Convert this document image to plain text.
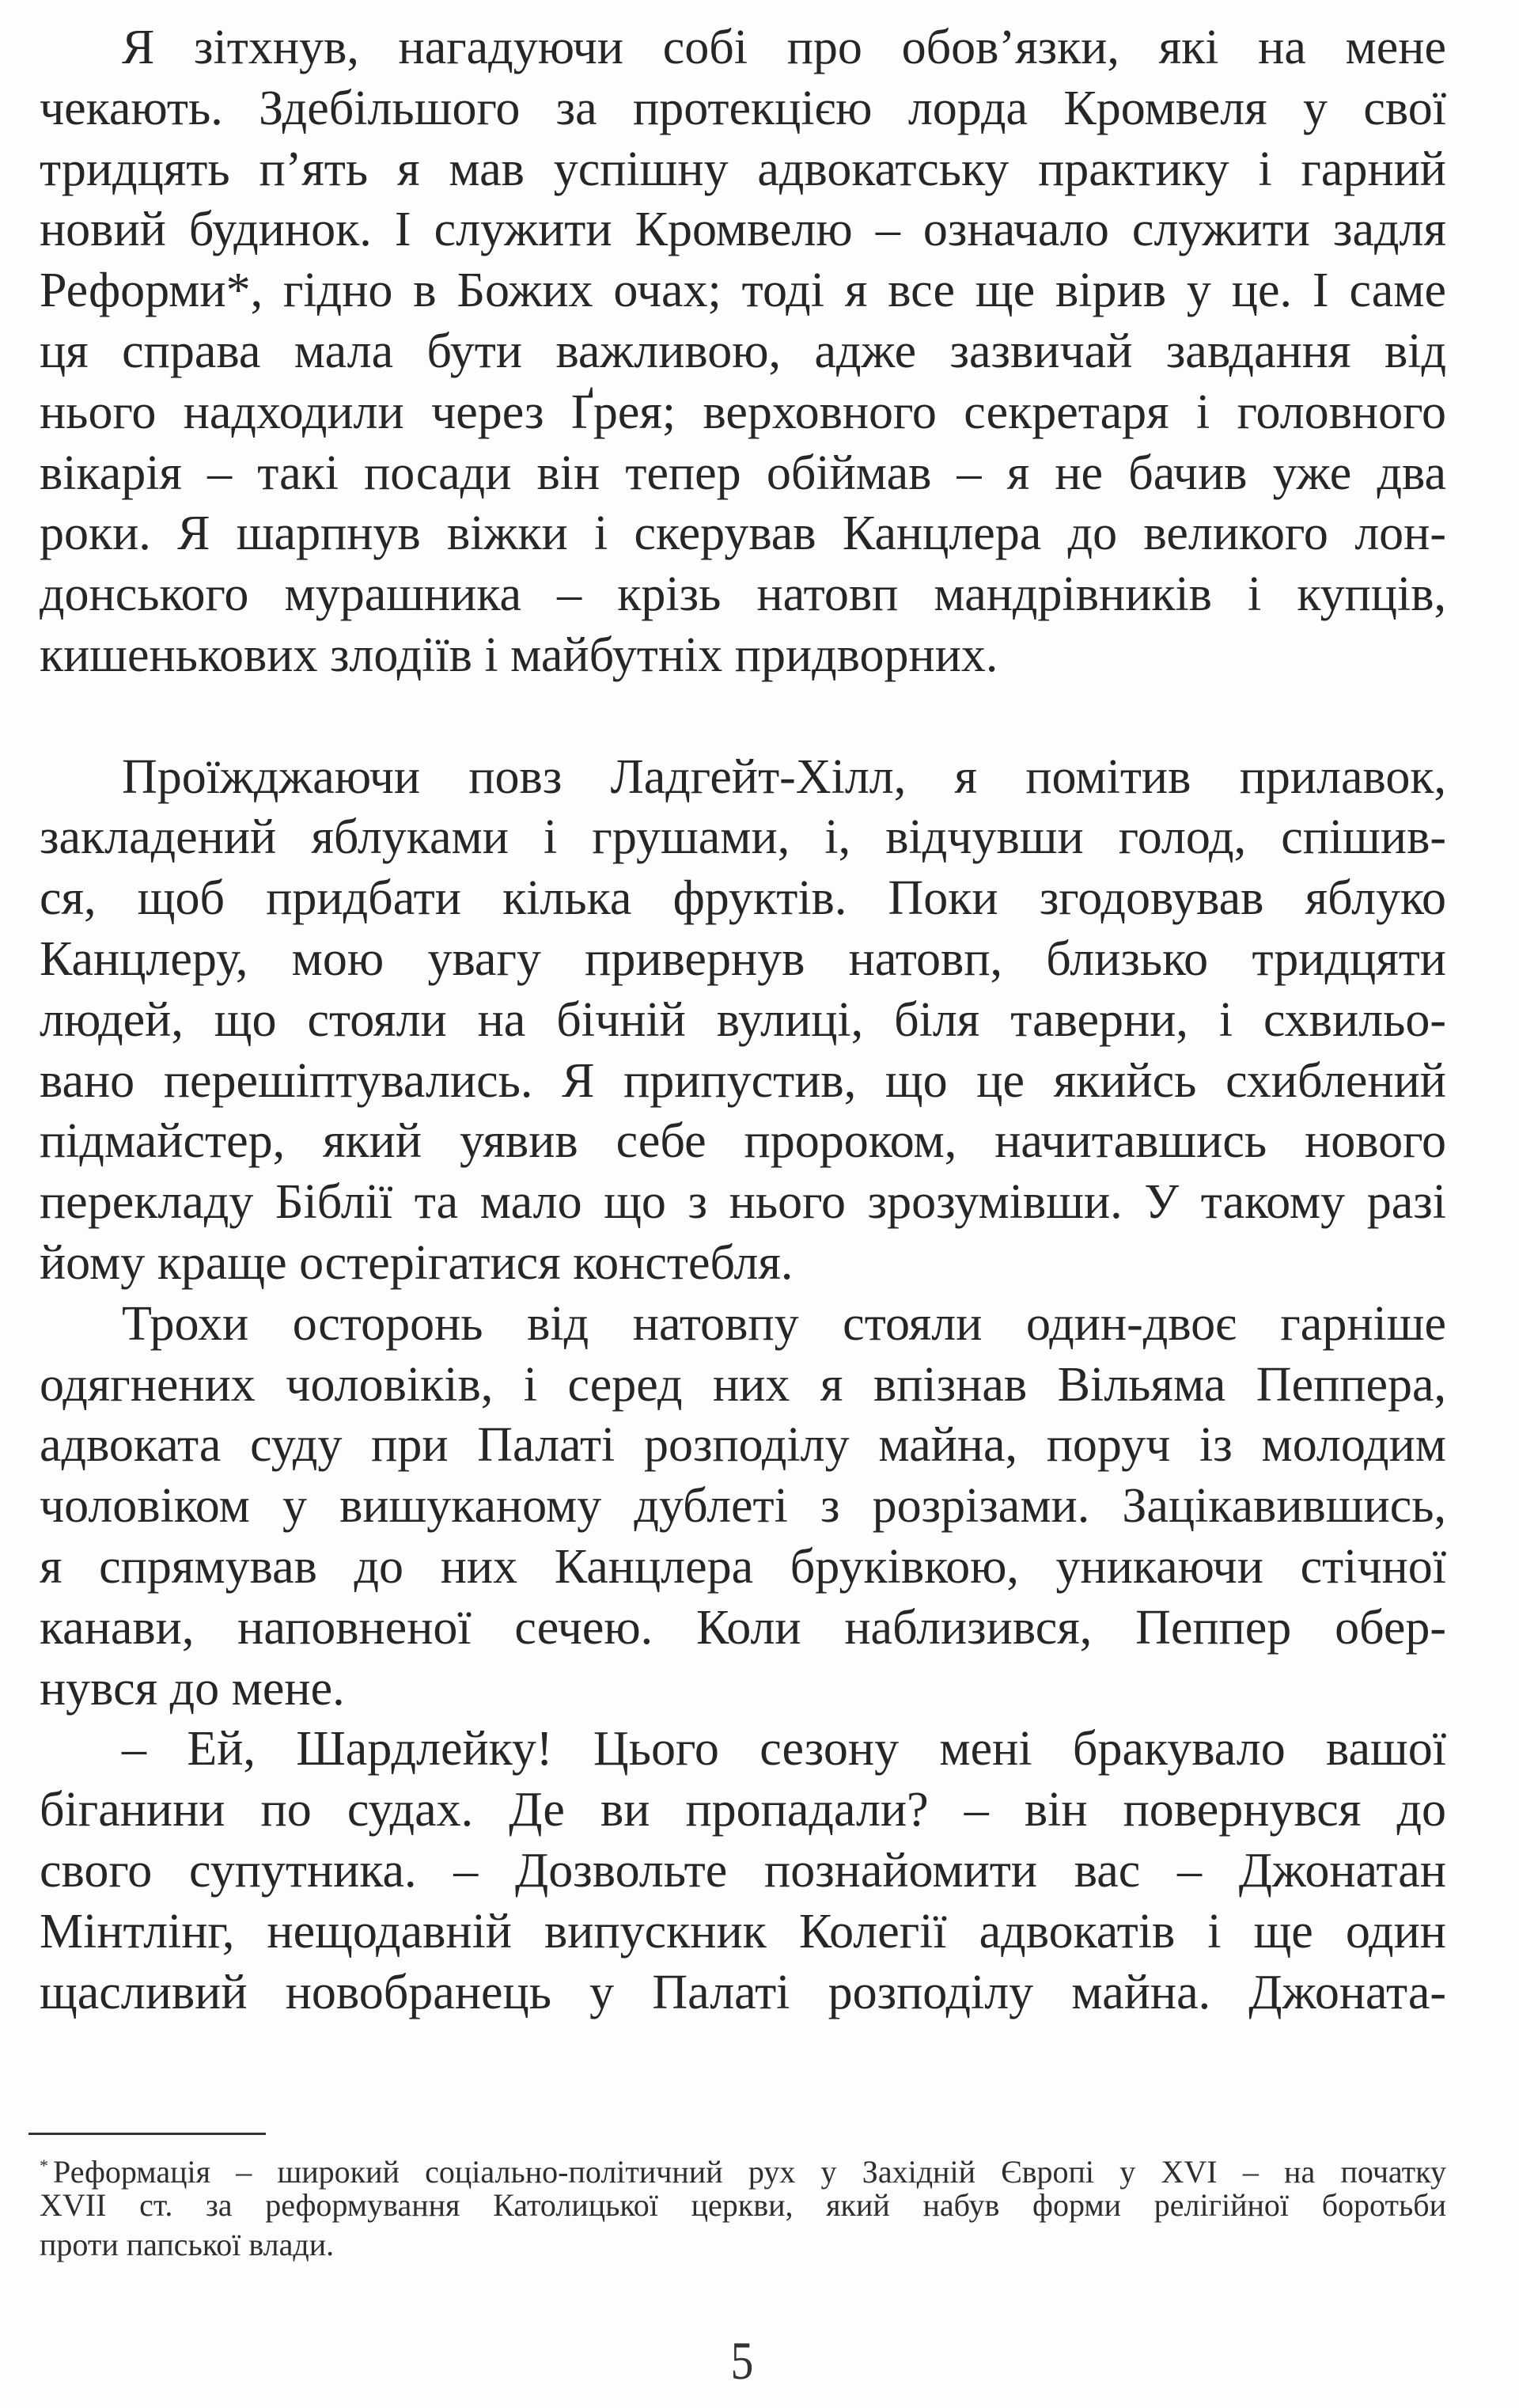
Я зітхнув, нагадуючи собі про обов’язки, які на мене
чекають. Здебільшого за протекцією лорда Кромвеля у свої
тридцять п’ять я мав успішну адвокатську практику і гарний
новий будинок. І служити Кромвелю – означало служити задля
Реформи*, гідно в Божих очах; тоді я все ще вірив у це. І саме
ця справа мала бути важливою, адже зазвичай завдання від
нього надходили через Ґрея; верховного секретаря і головного
вікарія – такі посади він тепер обіймав – я не бачив уже два
роки. Я шарпнув віжки і скерував Канцлера до великого лон-
донського мурашника – крізь натовп мандрівників і купців,
кишенькових злодіїв і майбутніх придворних.
Проїжджаючи повз Ладгейт-Хілл, я помітив прилавок,
закладений яблуками і грушами, і, відчувши голод, спішив-
ся, щоб придбати кілька фруктів. Поки згодовував яблуко
Канцлеру, мою увагу привернув натовп, близько тридцяти
людей, що стояли на бічній вулиці, біля таверни, і схвильо-
вано перешіптувались. Я припустив, що це якийсь схиблений
підмайстер, який уявив себе пророком, начитавшись нового
перекладу Біблії та мало що з нього зрозумівши. У такому разі
йому краще остерігатися констебля.
Трохи осторонь від натовпу стояли один-двоє гарніше
одягнених чоловіків, і серед них я впізнав Вільяма Пеппера,
адвоката суду при Палаті розподілу майна, поруч із молодим
чоловіком у вишуканому дублеті з розрізами. Зацікавившись,
я спрямував до них Канцлера бруківкою, уникаючи стічної
канави, наповненої сечею. Коли наблизився, Пеппер обер-
нувся до мене.
– Ей, Шардлейку! Цього сезону мені бракувало вашої
біганини по судах. Де ви пропадали? – він повернувся до
свого супутника. – Дозвольте познайомити вас – Джонатан
Мінтлінг, нещодавній випускник Колегії адвокатів і ще один
щасливий новобранець у Палаті розподілу майна. Джоната-
* Реформація – широкий соціально-політичний рух у Західній Європі у XVI – на початку
XVII ст. за реформування Католицької церкви, який набув форми релігійної боротьби
проти папської влади.
5
